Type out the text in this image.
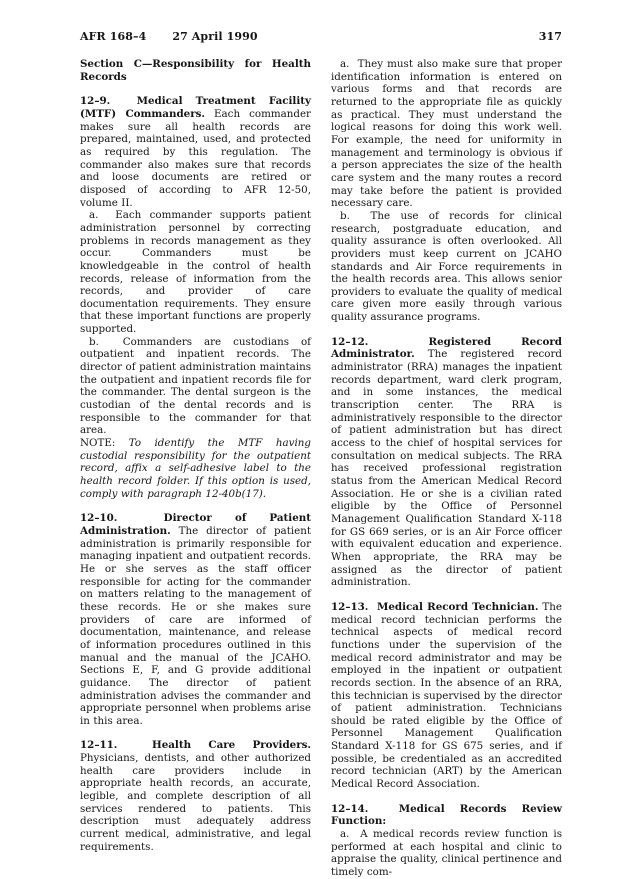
AFR 168–4 27 April 1990	317

Section C—Responsibility for Health Records

12–9.  Medical Treatment Facility (MTF) Commanders. Each commander makes sure all health records are prepared, maintained, used, and protected as required by this regulation. The commander also makes sure that records and loose documents are retired or disposed of according to AFR 12-50, volume II.

a.  Each commander supports patient administration personnel by correcting problems in records management as they occur. Commanders must be knowledgeable in the control of health records, release of information from the records, and provider of care documentation requirements. They ensure that these important functions are properly supported.

b.  Commanders are custodians of outpatient and inpatient records. The director of patient administration maintains the outpatient and inpatient records file for the commander. The dental surgeon is the custodian of the dental records and is responsible to the commander for that area.

NOTE: To identify the MTF having custodial responsibility for the outpatient record, affix a self-adhesive label to the health record folder. If this option is used, comply with paragraph 12-40b(17).

12–10.  Director of Patient Administration. The director of patient administration is primarily responsible for managing inpatient and outpatient records. He or she serves as the staff officer responsible for acting for the commander on matters relating to the management of these records. He or she makes sure providers of care are informed of documentation, maintenance, and release of information procedures outlined in this manual and the manual of the JCAHO. Sections E, F, and G provide additional guidance. The director of patient administration advises the commander and appropriate personnel when problems arise in this area.

12–11.  Health Care Providers. Physicians, dentists, and other authorized health care providers include in appropriate health records, an accurate, legible, and complete description of all services rendered to patients. This description must adequately address current medical, administrative, and legal requirements.

a.  They must also make sure that proper identification information is entered on various forms and that records are returned to the appropriate file as quickly as practical. They must understand the logical reasons for doing this work well. For example, the need for uniformity in management and terminology is obvious if a person appreciates the size of the health care system and the many routes a record may take before the patient is provided necessary care.

b.  The use of records for clinical research, postgraduate education, and quality assurance is often overlooked. All providers must keep current on JCAHO standards and Air Force requirements in the health records area. This allows senior providers to evaluate the quality of medical care given more easily through various quality assurance programs.

12–12.  Registered Record Administrator. The registered record administrator (RRA) manages the inpatient records department, ward clerk program, and in some instances, the medical transcription center. The RRA is administratively responsible to the director of patient administration but has direct access to the chief of hospital services for consultation on medical subjects. The RRA has received professional registration status from the American Medical Record Association. He or she is a civilian rated eligible by the Office of Personnel Management Qualification Standard X-118 for GS 669 series, or is an Air Force officer with equivalent education and experience. When appropriate, the RRA may be assigned as the director of patient administration.

12–13.  Medical Record Technician. The medical record technician performs the technical aspects of medical record functions under the supervision of the medical record administrator and may be employed in the inpatient or outpatient records section. In the absence of an RRA, this technician is supervised by the director of patient administration. Technicians should be rated eligible by the Office of Personnel Management Qualification Standard X-118 for GS 675 series, and if possible, be credentialed as an accredited record technician (ART) by the American Medical Record Association.

12–14.  Medical Records Review Function:

a.  A medical records review function is performed at each hospital and clinic to appraise the quality, clinical pertinence and timely com-
